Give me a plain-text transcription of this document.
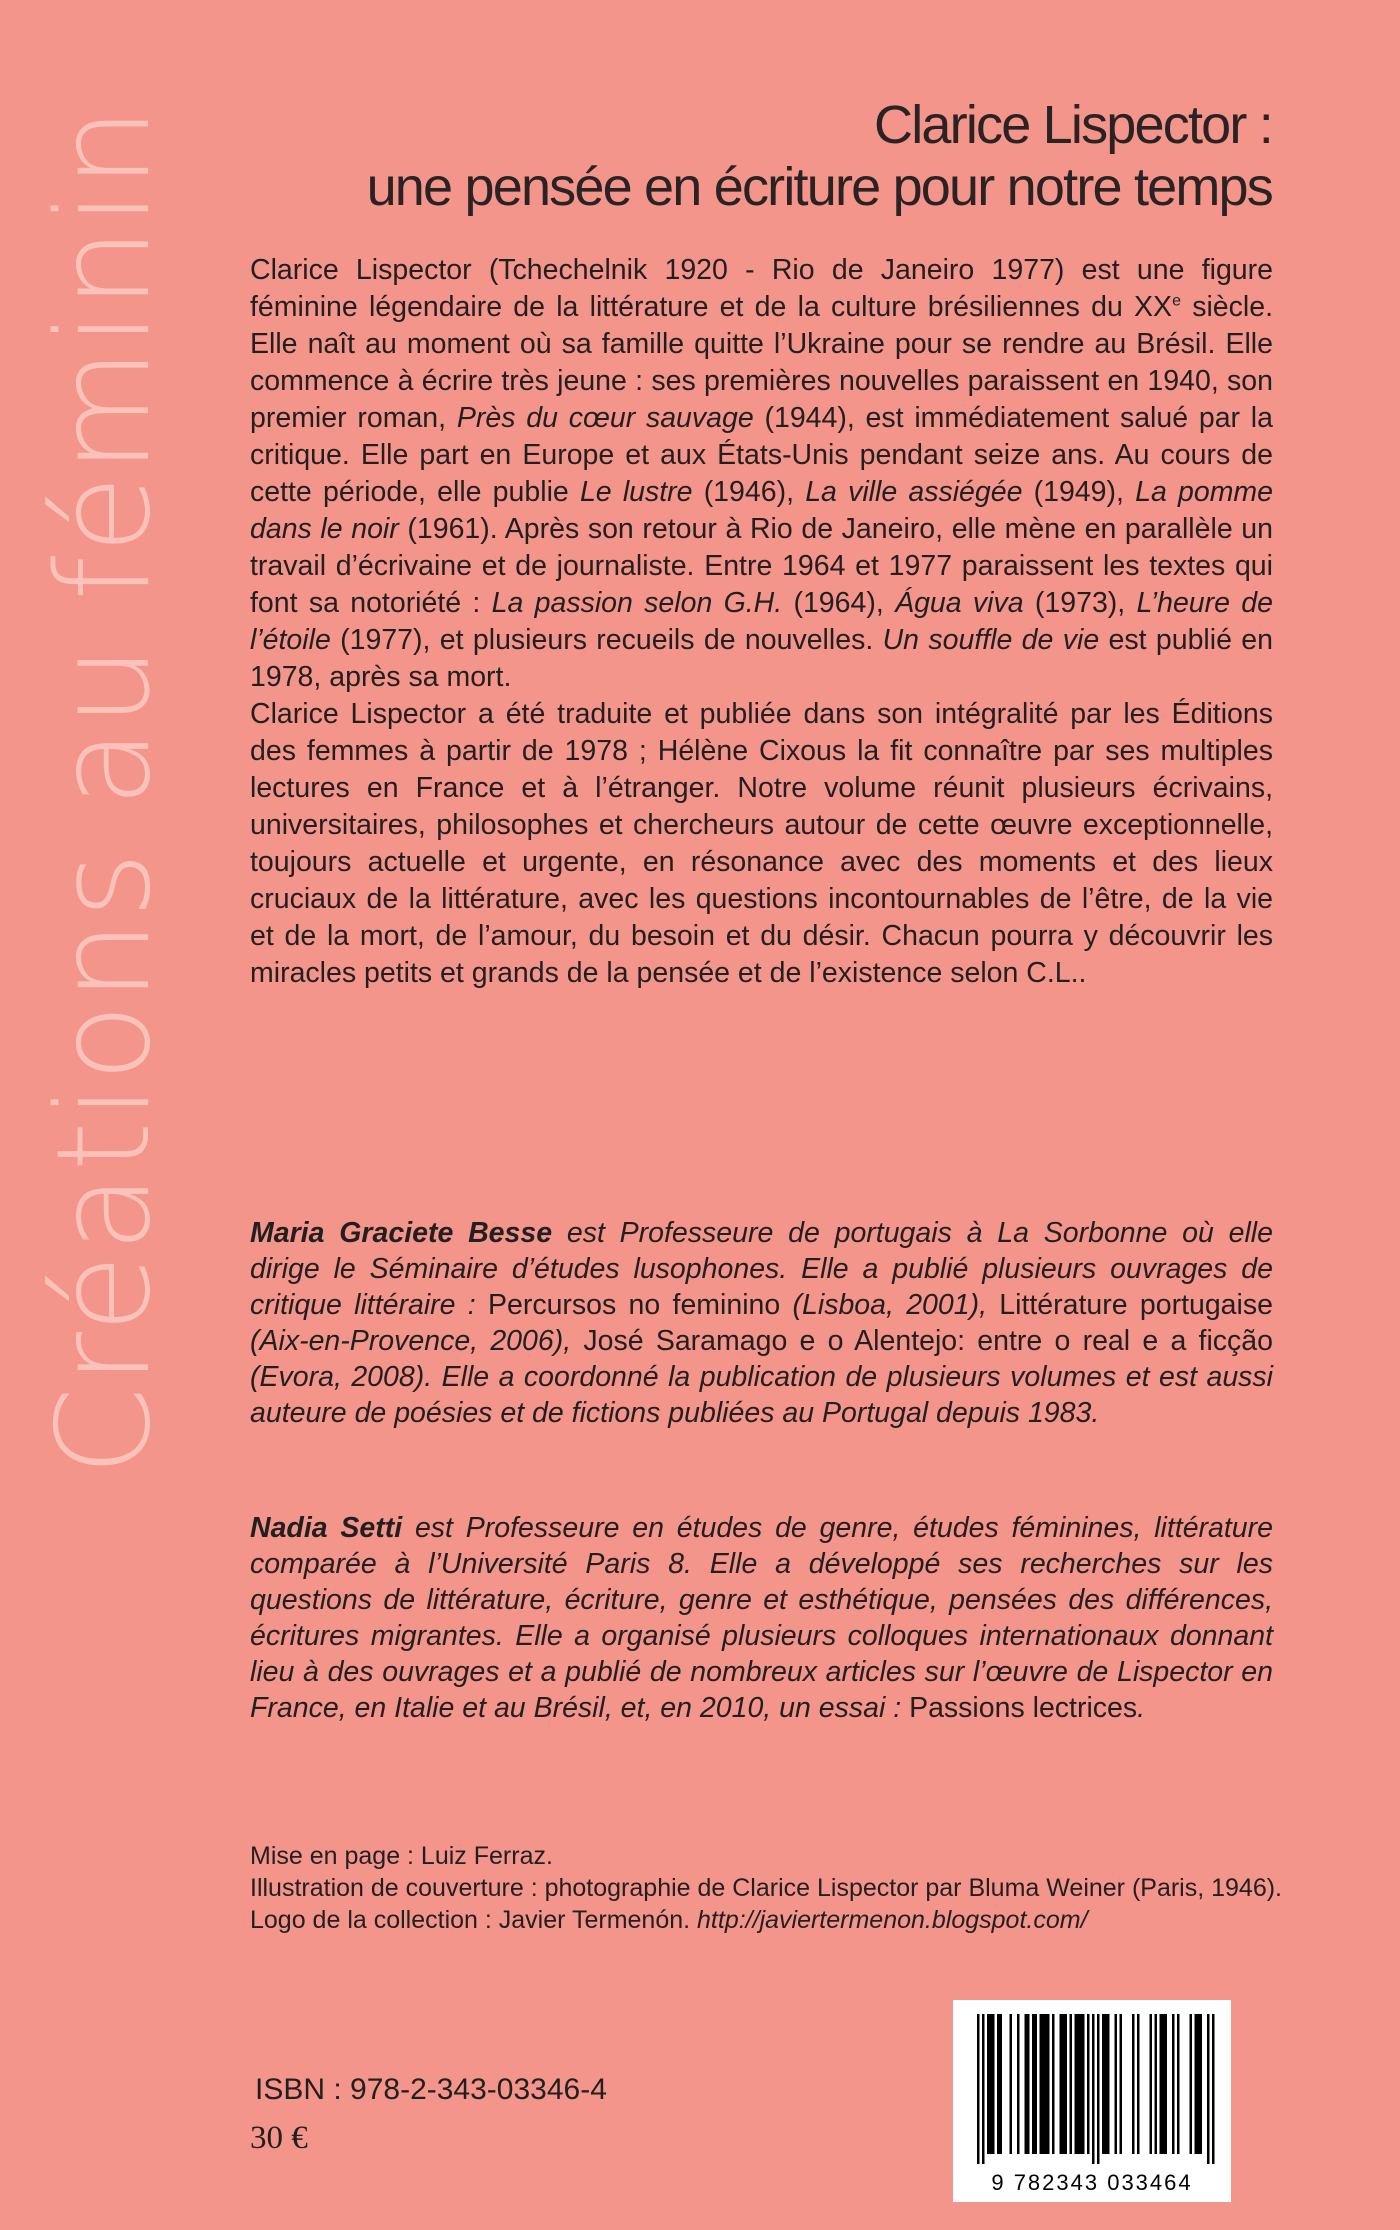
Créations au féminin	Clarice Lispector :
une pensée en écriture pour notre temps

Clarice Lispector (Tchechelnik 1920 - Rio de Janeiro 1977) est une figure féminine légendaire de la littérature et de la culture brésiliennes du XXe siècle. Elle naît au moment où sa famille quitte l’Ukraine pour se rendre au Brésil. Elle commence à écrire très jeune : ses premières nouvelles paraissent en 1940, son premier roman, Près du cœur sauvage (1944), est immédiatement salué par la critique. Elle part en Europe et aux États-Unis pendant seize ans. Au cours de cette période, elle publie Le lustre (1946), La ville assiégée (1949), La pomme dans le noir (1961). Après son retour à Rio de Janeiro, elle mène en parallèle un travail d’écrivaine et de journaliste. Entre 1964 et 1977 paraissent les textes qui font sa notoriété : La passion selon G.H. (1964), Água viva (1973), L’heure de l’étoile (1977), et plusieurs recueils de nouvelles. Un souffle de vie est publié en 1978, après sa mort.

Clarice Lispector a été traduite et publiée dans son intégralité par les Éditions des femmes à partir de 1978 ; Hélène Cixous la fit connaître par ses multiples lectures en France et à l’étranger. Notre volume réunit plusieurs écrivains, universitaires, philosophes et chercheurs autour de cette œuvre exceptionnelle, toujours actuelle et urgente, en résonance avec des moments et des lieux cruciaux de la littérature, avec les questions incontournables de l’être, de la vie et de la mort, de l’amour, du besoin et du désir. Chacun pourra y découvrir les miracles petits et grands de la pensée et de l’existence selon C.L..

Maria Graciete Besse est Professeure de portugais à La Sorbonne où elle dirige le Séminaire d’études lusophones. Elle a publié plusieurs ouvrages de critique littéraire : Percursos no feminino (Lisboa, 2001), Littérature portugaise (Aix-en-Provence, 2006), José Saramago e o Alentejo: entre o real e a ficção (Evora, 2008). Elle a coordonné la publication de plusieurs volumes et est aussi auteure de poésies et de fictions publiées au Portugal depuis 1983.
Nadia Setti est Professeure en études de genre, études féminines, littérature comparée à l’Université Paris 8. Elle a développé ses recherches sur les questions de littérature, écriture, genre et esthétique, pensées des différences, écritures migrantes. Elle a organisé plusieurs colloques internationaux donnant lieu à des ouvrages et a publié de nombreux articles sur l’œuvre de Lispector en France, en Italie et au Brésil, et, en 2010, un essai : Passions lectrices.
Mise en page : Luiz Ferraz.
Illustration de couverture : photographie de Clarice Lispector par Bluma Weiner (Paris, 1946).
Logo de la collection : Javier Termenón. http://javiertermenon.blogspot.com/
ISBN : 978-2-343-03346-4
30 €
9 782343 033464
